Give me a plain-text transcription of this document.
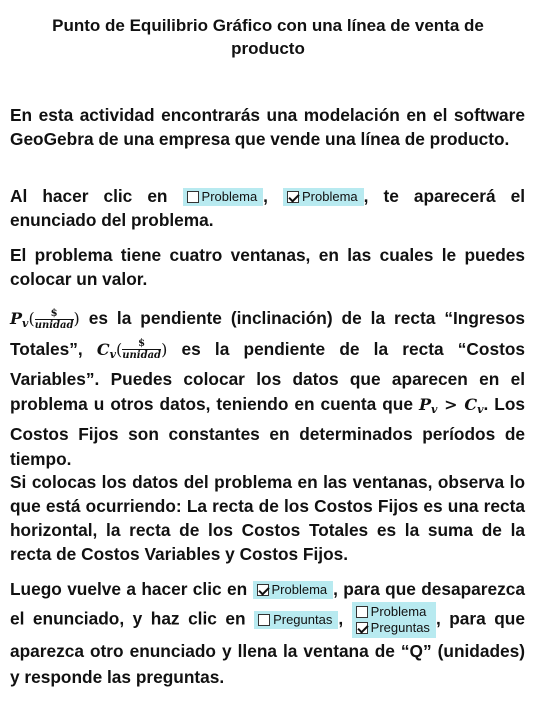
Punto de Equilibrio Gráfico con una línea de venta de producto

En esta actividad encontrarás una modelación en el software GeoGebra de una empresa que vende una línea de producto.

Al hacer clic en Problema , Problema , te aparecerá el enunciado del problema.

El problema tiene cuatro ventanas, en las cuales le puedes colocar un valor.

$P_v( \frac{\$}{\text{unidad}}$ ) es la pendiente (inclinación) de la recta “Ingresos Totales”, $C_v( \frac{\$}{\text{unidad}}$ ) es la pendiente de la recta “Costos Variables”. Puedes colocar los datos que aparecen en el problema u otros datos, teniendo en cuenta que $P_v > C_v$. Los Costos Fijos son constantes en determinados períodos de tiempo.

Si colocas los datos del problema en las ventanas, observa lo que está ocurriendo: La recta de los Costos Fijos es una recta horizontal, la recta de los Costos Totales es la suma de la recta de Costos Variables y Costos Fijos.

Luego vuelve a hacer clic en Problema , para que desaparezca el enunciado, y haz clic en Preguntas ,	Problema
Preguntas , para que aparezca otro enunciado y llena la ventana de “Q” (unidades) y responde las preguntas.
